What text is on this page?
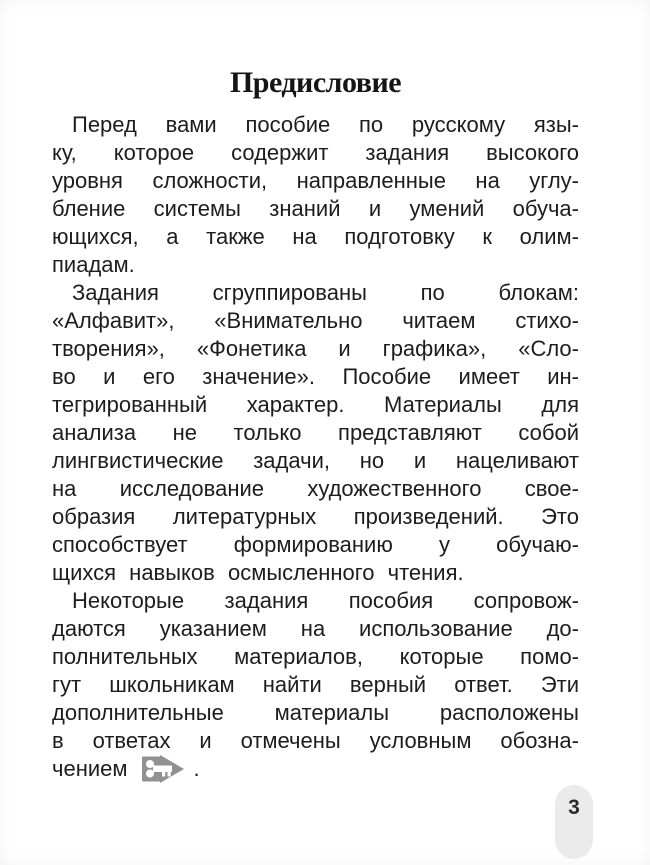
Предисловие
Перед вами пособие по русскому язы-
ку, которое содержит задания высокого
уровня сложности, направленные на углу-
бление системы знаний и умений обуча-
ющихся, а также на подготовку к олим-
пиадам.
Задания сгруппированы по блокам:
«Алфавит», «Внимательно читаем стихо-
творения», «Фонетика и графика», «Сло-
во и его значение». Пособие имеет ин-
тегрированный характер. Материалы для
анализа не только представляют собой
лингвистические задачи, но и нацеливают
на исследование художественного свое-
образия литературных произведений. Это
способствует формированию у обучаю-
щихся навыков осмысленного чтения.
Некоторые задания пособия сопровож-
даются указанием на использование до-
полнительных материалов, которые помо-
гут школьникам найти верный ответ. Эти
дополнительные материалы расположены
в ответах и отмечены условным обозна-
чением	.
3
